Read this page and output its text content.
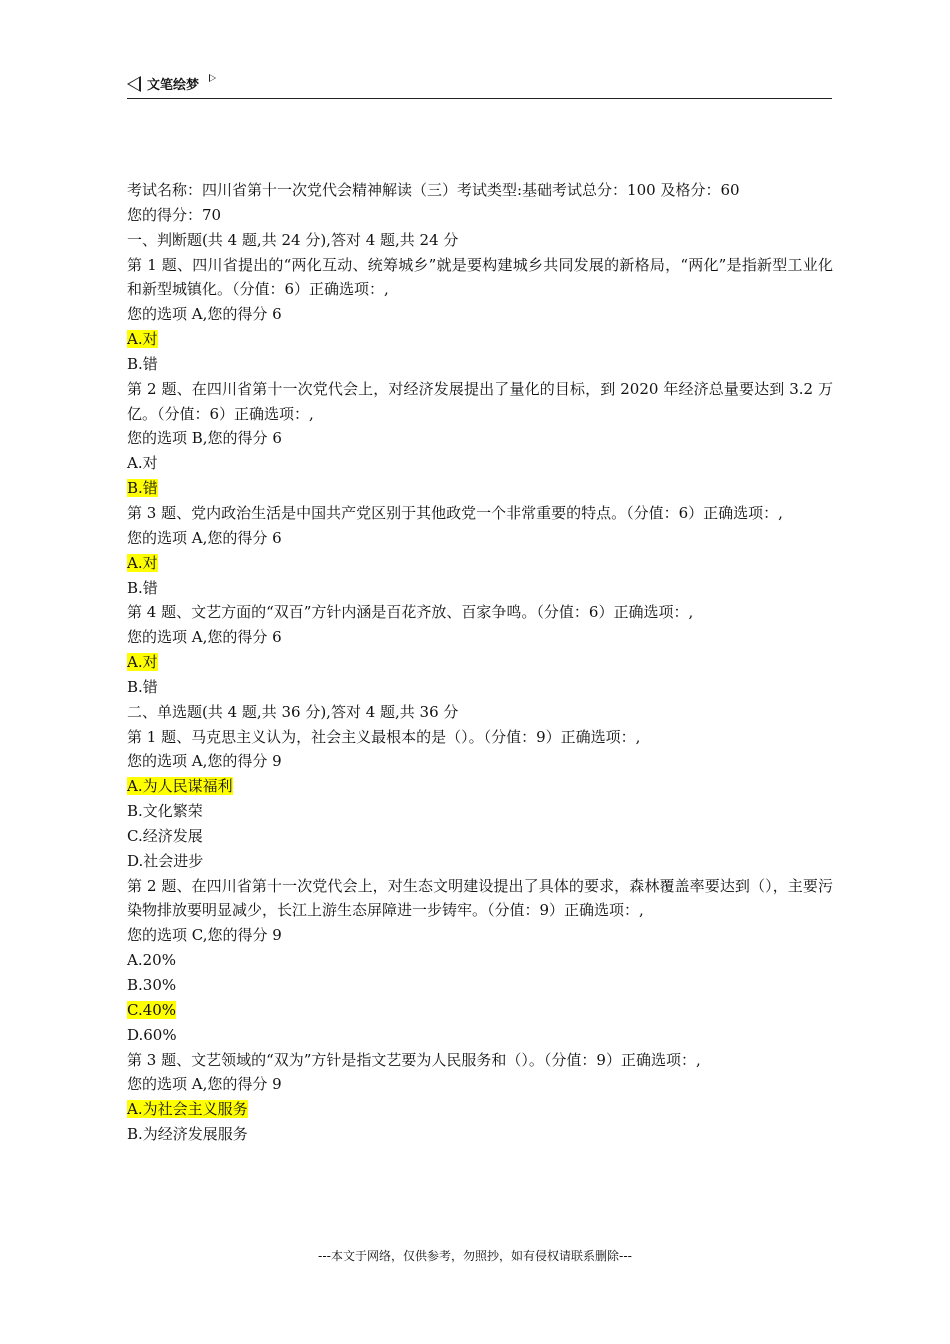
文笔绘梦
考试名称：四川省第十一次党代会精神解读（三）考试类型:基础考试总分：100 及格分：60
您的得分：70
一、判断题(共 4 题,共 24 分),答对 4 题,共 24 分
第 1 题、四川省提出的“两化互动、统筹城乡”就是要构建城乡共同发展的新格局，“两化”是指新型工业化和新型城镇化。（分值：6）正确选项：,
您的选项 A,您的得分 6
A.对
B.错
第 2 题、在四川省第十一次党代会上，对经济发展提出了量化的目标，到 2020 年经济总量要达到 3.2 万亿。（分值：6）正确选项：,
您的选项 B,您的得分 6
A.对
B.错
第 3 题、党内政治生活是中国共产党区别于其他政党一个非常重要的特点。（分值：6）正确选项：,
您的选项 A,您的得分 6
A.对
B.错
第 4 题、文艺方面的“双百”方针内涵是百花齐放、百家争鸣。（分值：6）正确选项：,
您的选项 A,您的得分 6
A.对
B.错
二、单选题(共 4 题,共 36 分),答对 4 题,共 36 分
第 1 题、马克思主义认为，社会主义最根本的是（）。（分值：9）正确选项：,
您的选项 A,您的得分 9
A.为人民谋福利
B.文化繁荣
C.经济发展
D.社会进步
第 2 题、在四川省第十一次党代会上，对生态文明建设提出了具体的要求，森林覆盖率要达到（），主要污染物排放要明显减少，长江上游生态屏障进一步铸牢。（分值：9）正确选项：,
您的选项 C,您的得分 9
A.20%
B.30%
C.40%
D.60%
第 3 题、文艺领域的“双为”方针是指文艺要为人民服务和（）。（分值：9）正确选项：,
您的选项 A,您的得分 9
A.为社会主义服务
B.为经济发展服务
---本文于网络，仅供参考，勿照抄，如有侵权请联系删除---
